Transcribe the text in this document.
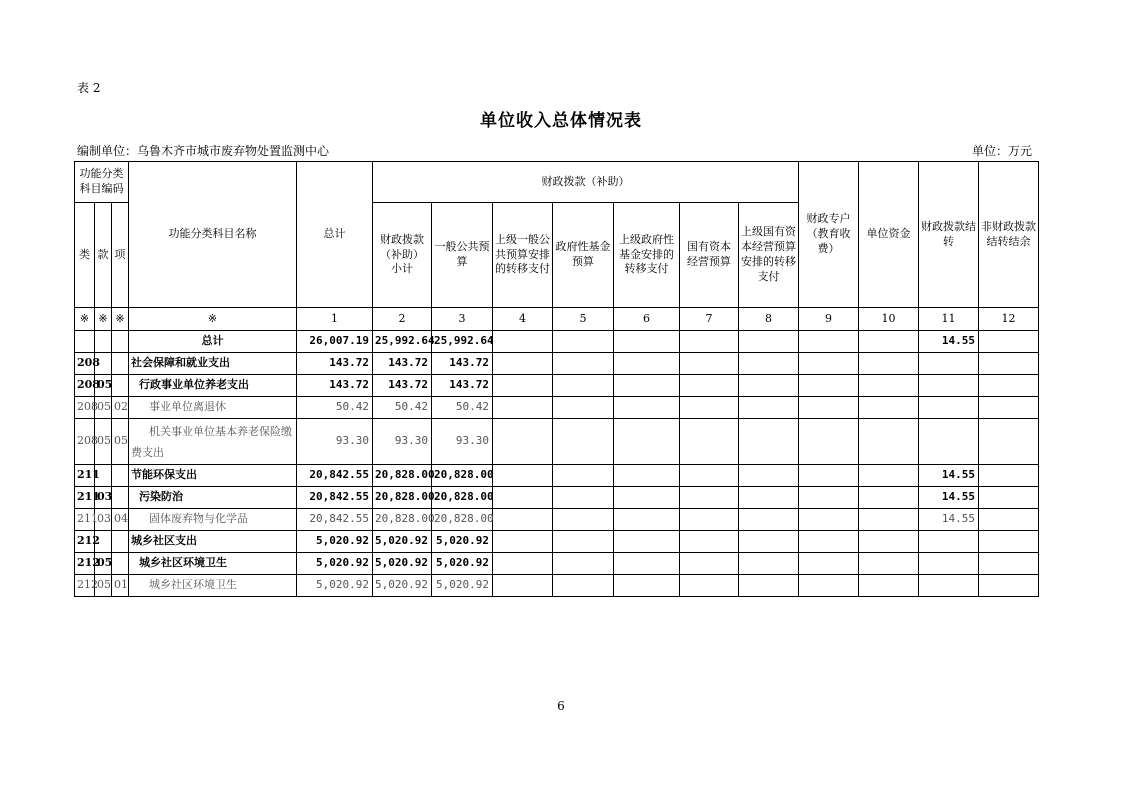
表 2
单位收入总体情况表
编制单位：乌鲁木齐市城市废弃物处置监测中心	单位：万元
功能分类科目编码			功能分类科目名称	总计	财政拨款（补助）							财政专户（教育收费）	单位资金	财政拨款结转	非财政拨款结转结余
类	款	项			财政拨款（补助）小计	一般公共预算	上级一般公共预算安排的转移支付	政府性基金预算	上级政府性基金安排的转移支付	国有资本经营预算	上级国有资本经营预算安排的转移支付				
※	※	※	※	1	2	3	4	5	6	7	8	9	10	11	12
			总计	26,007.19	25,992.64	25,992.64								14.55	
208			社会保障和就业支出	143.72	143.72	143.72									
208	05		行政事业单位养老支出	143.72	143.72	143.72									
208	05	02	事业单位离退休	50.42	50.42	50.42									
208	05	05	机关事业单位基本养老保险缴费支出	93.30	93.30	93.30									
211			节能环保支出	20,842.55	20,828.00	20,828.00								14.55	
211	03		污染防治	20,842.55	20,828.00	20,828.00								14.55	
211	03	04	固体废弃物与化学品	20,842.55	20,828.00	20,828.00								14.55	
212			城乡社区支出	5,020.92	5,020.92	5,020.92									
212	05		城乡社区环境卫生	5,020.92	5,020.92	5,020.92									
212	05	01	城乡社区环境卫生	5,020.92	5,020.92	5,020.92									
6
